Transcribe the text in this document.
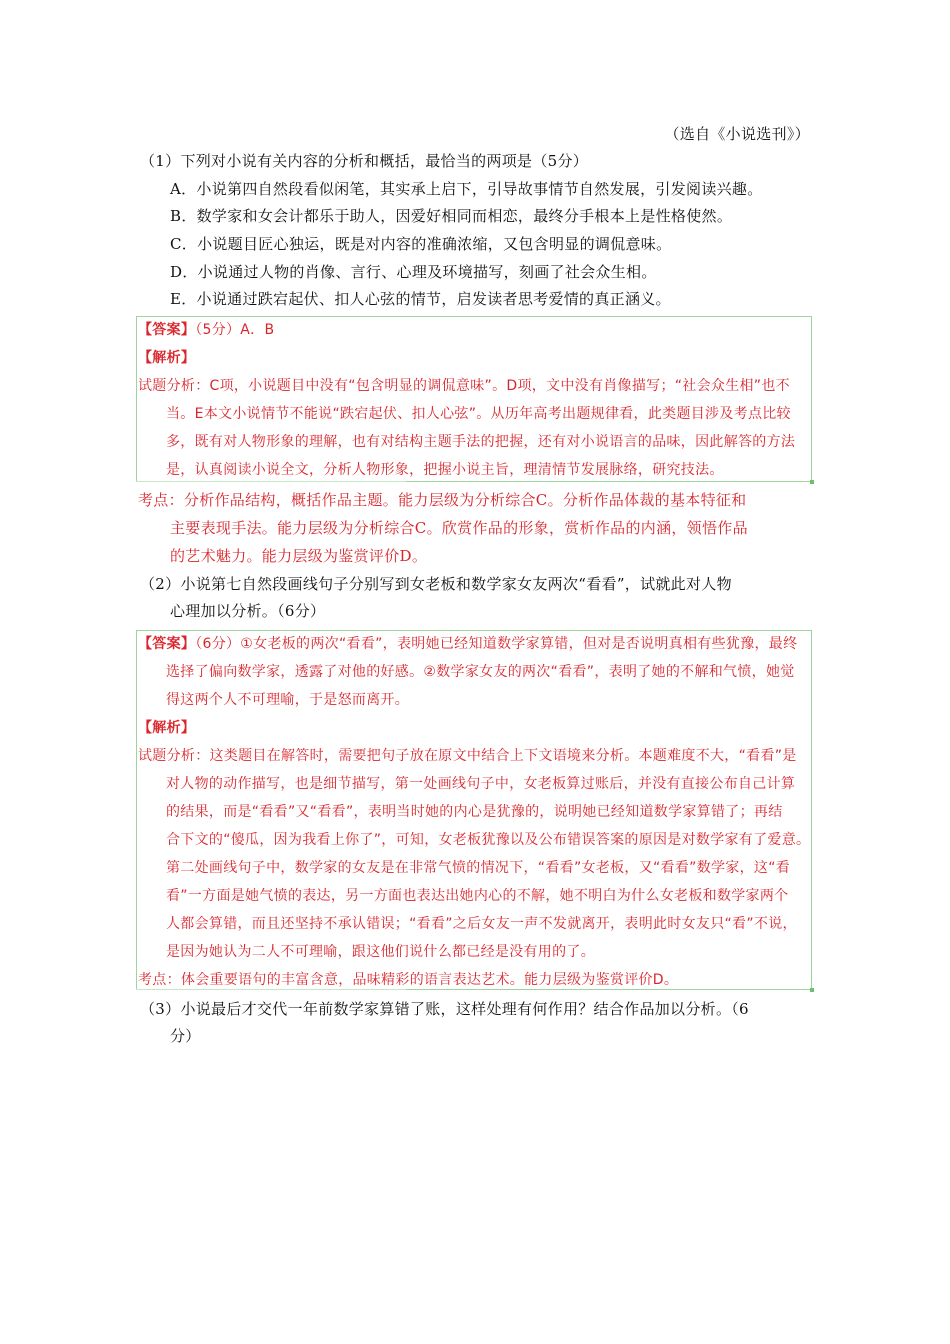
（选自《小说选刊》）
（1）下列对小说有关内容的分析和概括，最恰当的两项是（5分）
A．小说第四自然段看似闲笔，其实承上启下，引导故事情节自然发展，引发阅读兴趣。
B．数学家和女会计都乐于助人，因爱好相同而相恋，最终分手根本上是性格使然。
C．小说题目匠心独运，既是对内容的准确浓缩，又包含明显的调侃意味。
D．小说通过人物的肖像、言行、心理及环境描写，刻画了社会众生相。
E．小说通过跌宕起伏、扣人心弦的情节，启发读者思考爱情的真正涵义。
【答案】（5分）A．B
【解析】
试题分析：C项，小说题目中没有“包含明显的调侃意味”。D项，文中没有肖像描写；“社会众生相”也不
当。E本文小说情节不能说“跌宕起伏、扣人心弦”。从历年高考出题规律看，此类题目涉及考点比较
多，既有对人物形象的理解，也有对结构主题手法的把握，还有对小说语言的品味，因此解答的方法
是，认真阅读小说全文，分析人物形象，把握小说主旨，理清情节发展脉络，研究技法。
考点：分析作品结构，概括作品主题。能力层级为分析综合C。分析作品体裁的基本特征和
主要表现手法。能力层级为分析综合C。欣赏作品的形象，赏析作品的内涵，领悟作品
的艺术魅力。能力层级为鉴赏评价D。
（2）小说第七自然段画线句子分别写到女老板和数学家女友两次“看看”，试就此对人物
心理加以分析。（6分）
【答案】（6分）①女老板的两次“看看”，表明她已经知道数学家算错，但对是否说明真相有些犹豫，最终
选择了偏向数学家，透露了对他的好感。②数学家女友的两次“看看”，表明了她的不解和气愤，她觉
得这两个人不可理喻，于是怒而离开。
【解析】
试题分析：这类题目在解答时，需要把句子放在原文中结合上下文语境来分析。本题难度不大，“看看”是
对人物的动作描写，也是细节描写，第一处画线句子中，女老板算过账后，并没有直接公布自己计算
的结果，而是“看看”又“看看”，表明当时她的内心是犹豫的，说明她已经知道数学家算错了；再结
合下文的“傻瓜，因为我看上你了”，可知，女老板犹豫以及公布错误答案的原因是对数学家有了爱意。
第二处画线句子中，数学家的女友是在非常气愤的情况下，“看看”女老板，又“看看”数学家，这“看
看”一方面是她气愤的表达，另一方面也表达出她内心的不解，她不明白为什么女老板和数学家两个
人都会算错，而且还坚持不承认错误；“看看”之后女友一声不发就离开，表明此时女友只“看”不说，
是因为她认为二人不可理喻，跟这他们说什么都已经是没有用的了。
考点：体会重要语句的丰富含意，品味精彩的语言表达艺术。能力层级为鉴赏评价D。
（3）小说最后才交代一年前数学家算错了账，这样处理有何作用？结合作品加以分析。（6
分）
